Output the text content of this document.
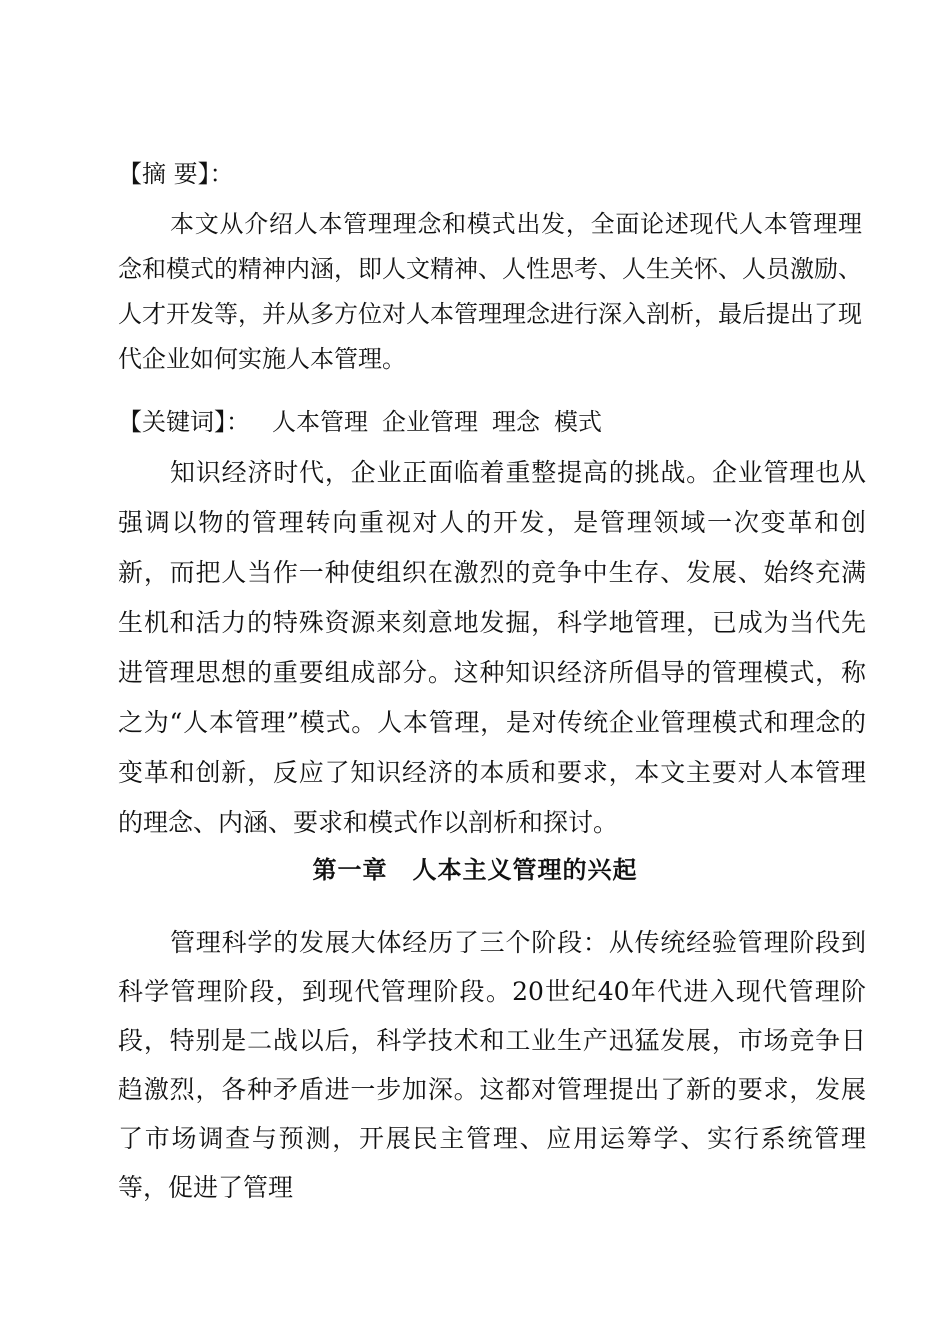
【摘 要】：

本文从介绍人本管理理念和模式出发，全面论述现代人本管理理念和模式的精神内涵，即人文精神、人性思考、人生关怀、人员激励、人才开发等，并从多方位对人本管理理念进行深入剖析，最后提出了现代企业如何实施人本管理。

【关键词】： 人本管理 企业管理 理念 模式

知识经济时代，企业正面临着重整提高的挑战。企业管理也从强调以物的管理转向重视对人的开发，是管理领域一次变革和创新，而把人当作一种使组织在激烈的竞争中生存、发展、始终充满生机和活力的特殊资源来刻意地发掘，科学地管理，已成为当代先进管理思想的重要组成部分。这种知识经济所倡导的管理模式，称之为“人本管理”模式。人本管理，是对传统企业管理模式和理念的变革和创新，反应了知识经济的本质和要求，本文主要对人本管理的理念、内涵、要求和模式作以剖析和探讨。

第一章　人本主义管理的兴起

管理科学的发展大体经历了三个阶段：从传统经验管理阶段到科学管理阶段，到现代管理阶段。20世纪40年代进入现代管理阶段，特别是二战以后，科学技术和工业生产迅猛发展，市场竞争日趋激烈，各种矛盾进一步加深。这都对管理提出了新的要求，发展了市场调查与预测，开展民主管理、应用运筹学、实行系统管理等，促进了管理
